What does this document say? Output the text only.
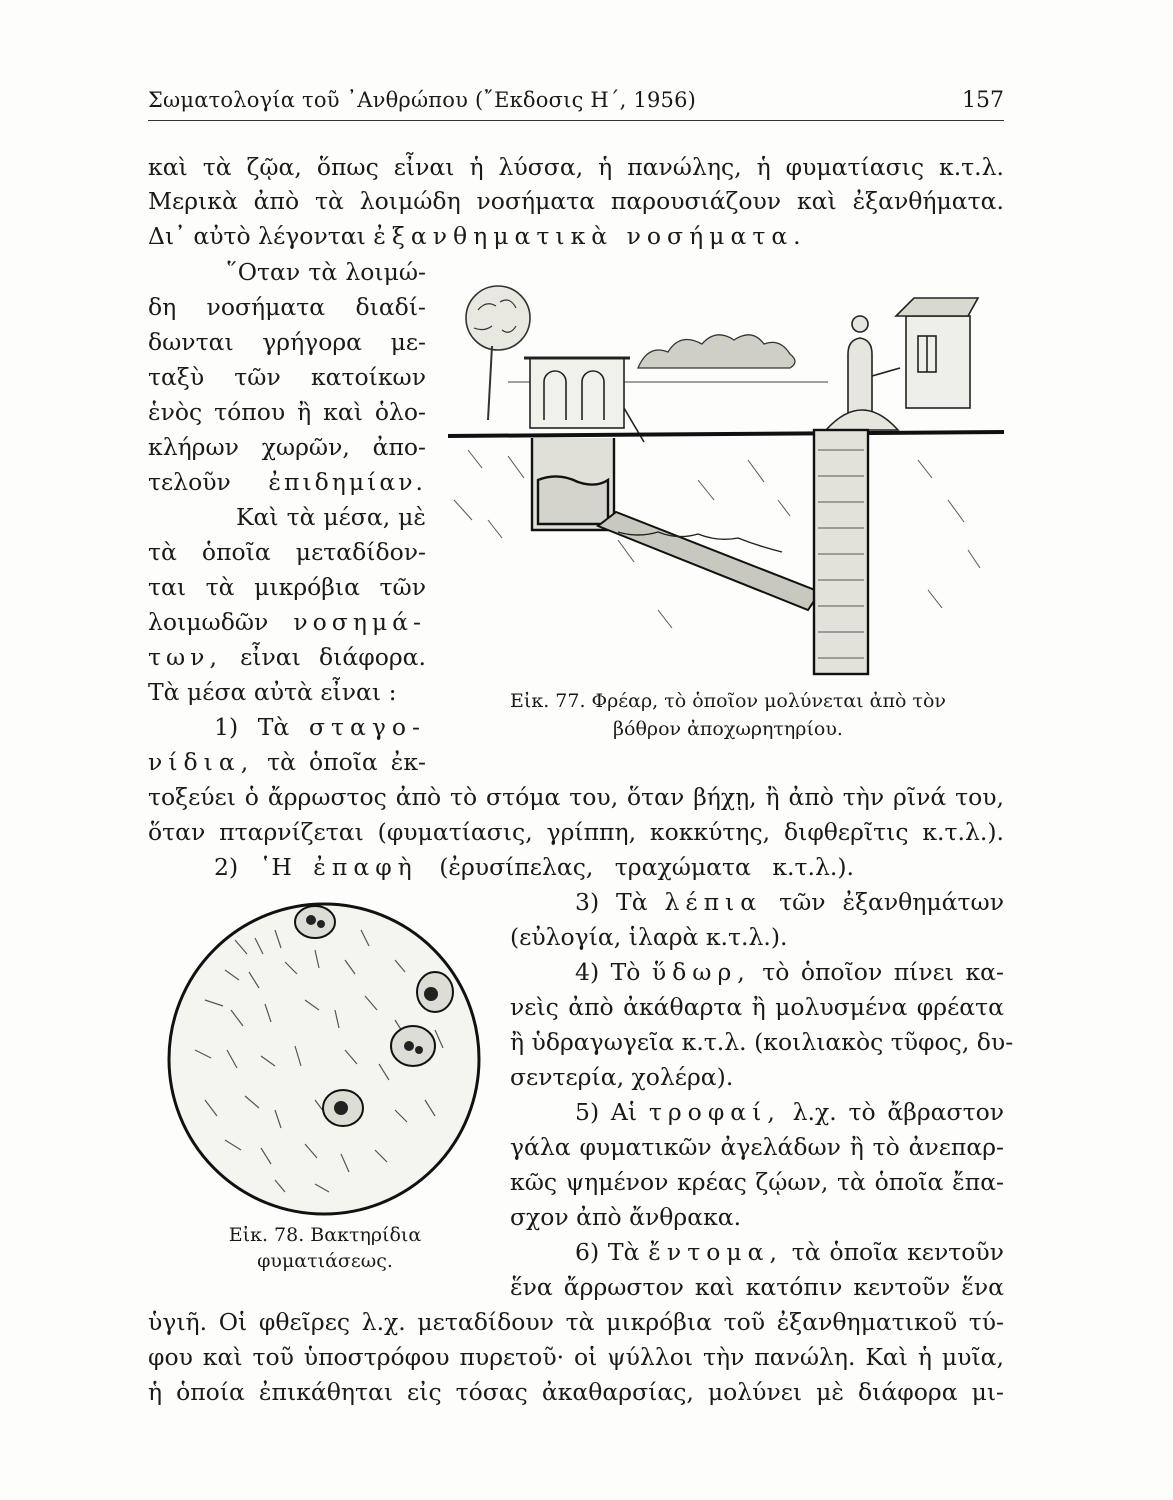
Σωματολογία τοῦ ᾿Ανθρώπου (῎Εκδοσις Η΄, 1956)	157
καὶ τὰ ζῷα, ὅπως εἶναι ἡ λύσσα, ἡ πανώλης, ἡ φυματίασις κ.τ.λ.
Μερικὰ ἀπὸ τὰ λοιμώδη νοσήματα παρουσιάζουν καὶ ἐξανθήματα.
Δι᾿ αὐτὸ λέγονται ἐξανθηματικὰ νοσήματα.
῞Οταν τὰ λοιμώ-
δη νοσήματα διαδί-
δωνται γρήγορα με-
ταξὺ τῶν κατοίκων
ἑνὸς τόπου ἢ καὶ ὁλο-
κλήρων χωρῶν, ἀπο-
τελοῦν ἐπιδημίαν.
Καὶ τὰ μέσα, μὲ
τὰ ὁποῖα μεταδίδον-
ται τὰ μικρόβια τῶν
λοιμωδῶν νοσημά-
των, εἶναι διάφορα.
Τὰ μέσα αὐτὰ εἶναι :
1) Τὰ σταγο-
νίδια, τὰ ὁποῖα ἐκ-
Εἰκ. 77. Φρέαρ, τὸ ὁποῖον μολύνεται ἀπὸ τὸν
βόθρον ἀποχωρητηρίου.
τοξεύει ὁ ἄρρωστος ἀπὸ τὸ στόμα του, ὅταν βήχῃ, ἢ ἀπὸ τὴν ρῖνά του,
ὅταν πταρνίζεται (φυματίασις, γρίππη, κοκκύτης, διφθερῖτις κ.τ.λ.).
2) ῾Η ἐπαφὴ (ἐρυσίπελας, τραχώματα κ.τ.λ.).
Εἰκ. 78. Βακτηρίδια
φυματιάσεως.
3) Τὰ λέπια τῶν ἐξανθημάτων
(εὐλογία, ἱλαρὰ κ.τ.λ.).
4) Τὸ ὕδωρ, τὸ ὁποῖον πίνει κα-
νεὶς ἀπὸ ἀκάθαρτα ἢ μολυσμένα φρέατα
ἢ ὑδραγωγεῖα κ.τ.λ. (κοιλιακὸς τῦφος, δυ-
σεντερία, χολέρα).
5) Αἱ τροφαί, λ.χ. τὸ ἄβραστον
γάλα φυματικῶν ἀγελάδων ἢ τὸ ἀνεπαρ-
κῶς ψημένον κρέας ζῴων, τὰ ὁποῖα ἔπα-
σχον ἀπὸ ἄνθρακα.
6) Τὰ ἔντομα, τὰ ὁποῖα κεντοῦν
ἕνα ἄρρωστον καὶ κατόπιν κεντοῦν ἕνα
ὑγιῆ. Οἱ φθεῖρες λ.χ. μεταδίδουν τὰ μικρόβια τοῦ ἐξανθηματικοῦ τύ-
φου καὶ τοῦ ὑποστρόφου πυρετοῦ· οἱ ψύλλοι τὴν πανώλη. Καὶ ἡ μυῖα,
ἡ ὁποία ἐπικάθηται εἰς τόσας ἀκαθαρσίας, μολύνει μὲ διάφορα μι-
